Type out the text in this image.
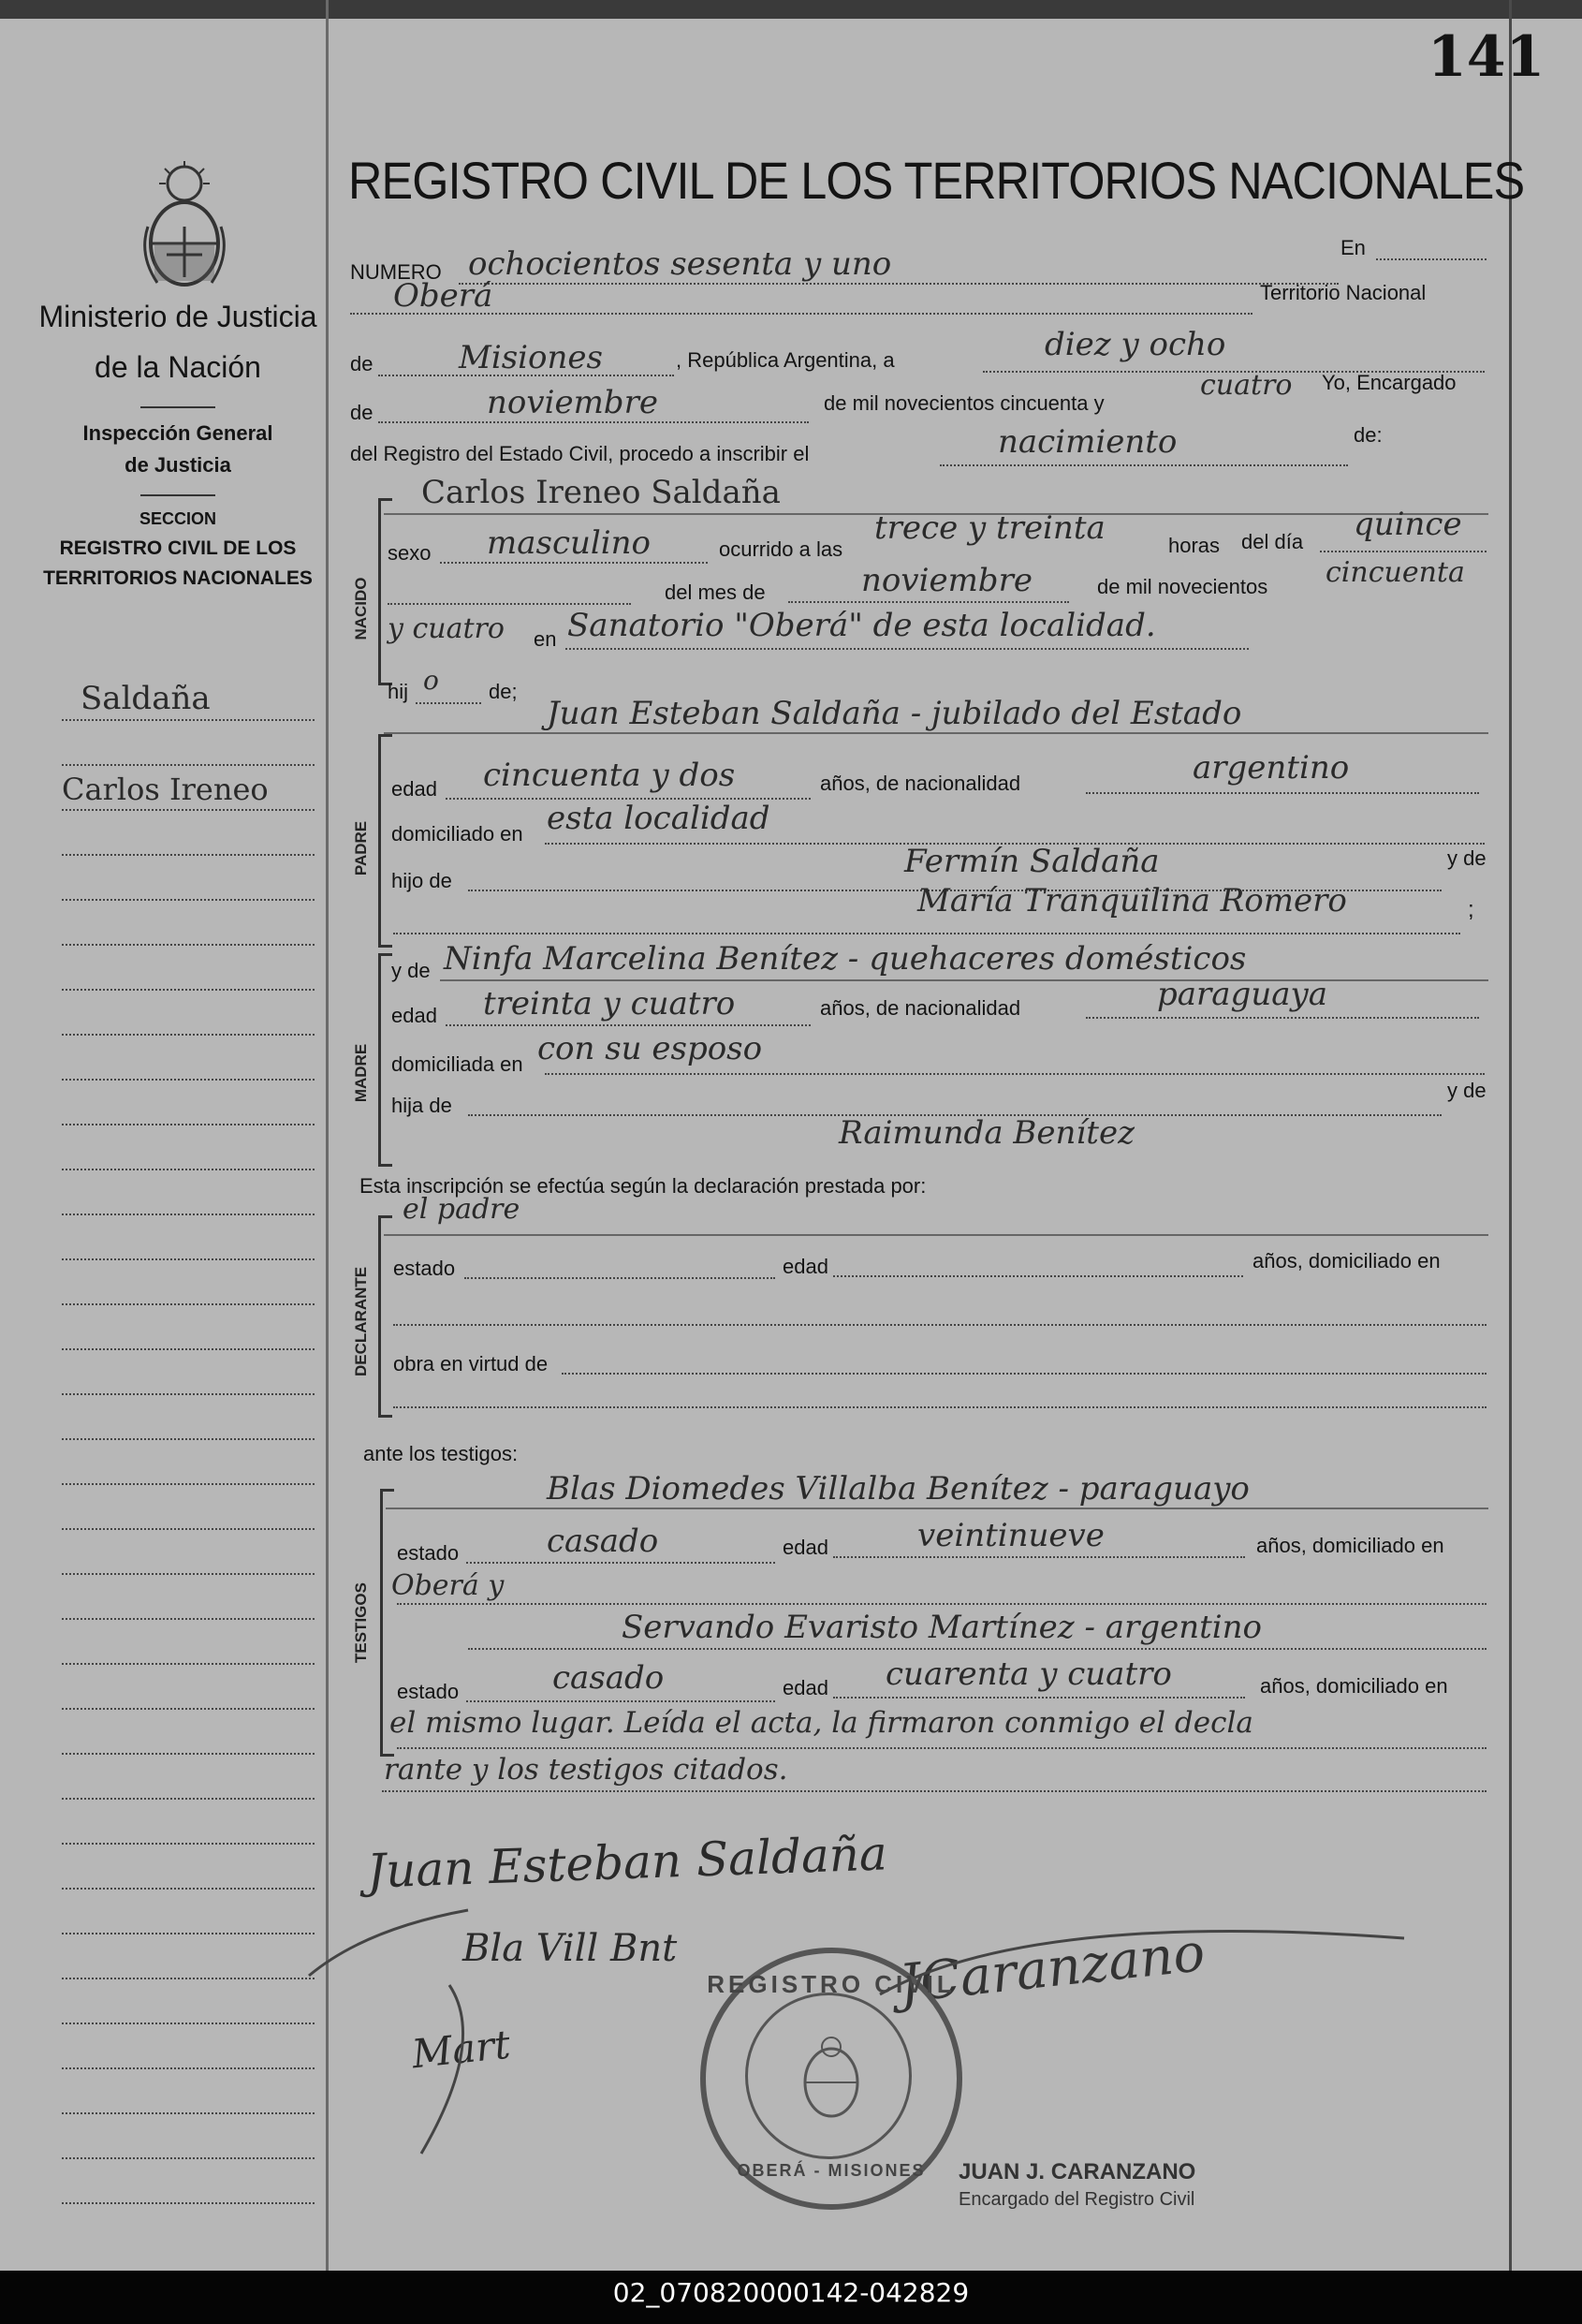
141
Ministerio de Justicia
de la Nación
Inspección General
de Justicia
SECCION
REGISTRO CIVIL DE LOS
TERRITORIOS NACIONALES
Saldaña
Carlos Ireneo
REGISTRO CIVIL DE LOS TERRITORIOS NACIONALES
NUMERO ochocientos sesenta y uno	En
Oberá	Territorio Nacional
de	Misiones	, República Argentina, a	diez y ocho
de	noviembre	de mil novecientos cincuenta y
cuatro Yo, Encargado
del Registro del Estado Civil, procedo a inscribir el	nacimiento	de:
NACIDO
Carlos Ireneo Saldaña
sexo masculino	ocurrido a las
trece y treinta	horas del día quince
del mes de	noviembre	de mil novecientos cincuenta
y cuatro en Sanatorio "Oberá" de esta localidad.
hij o de;
PADRE
Juan Esteban Saldaña - jubilado del Estado
edad cincuenta y dos	años, de nacionalidad	argentino
domiciliado en esta localidad
hijo de
Fermín Saldaña	y de
María Tranquilina Romero	;
MADRE
y de Ninfa Marcelina Benítez - quehaceres domésticos
edad treinta y cuatro	años, de nacionalidad	paraguaya
domiciliada en con su esposo
hija de
y de
Raimunda Benítez
Esta inscripción se efectúa según la declaración prestada por:
DECLARANTE
el padre
estado	edad	años, domiciliado en
obra en virtud de
ante los testigos:
TESTIGOS
Blas Diomedes Villalba Benítez - paraguayo
estado	casado	edad	veintinueve	años, domiciliado en
Oberá y
Servando Evaristo Martínez - argentino
estado	casado	edad cuarenta y cuatro	años, domiciliado en
el mismo lugar. Leída el acta, la firmaron conmigo el decla
rante y los testigos citados.
Juan Esteban Saldaña
Bla Vill Bnt
Mart
JCaranzano
REGISTRO CIVIL
OBERÁ - MISIONES	JUAN J. CARANZANO
Encargado del Registro Civil
02_070820000142-042829
